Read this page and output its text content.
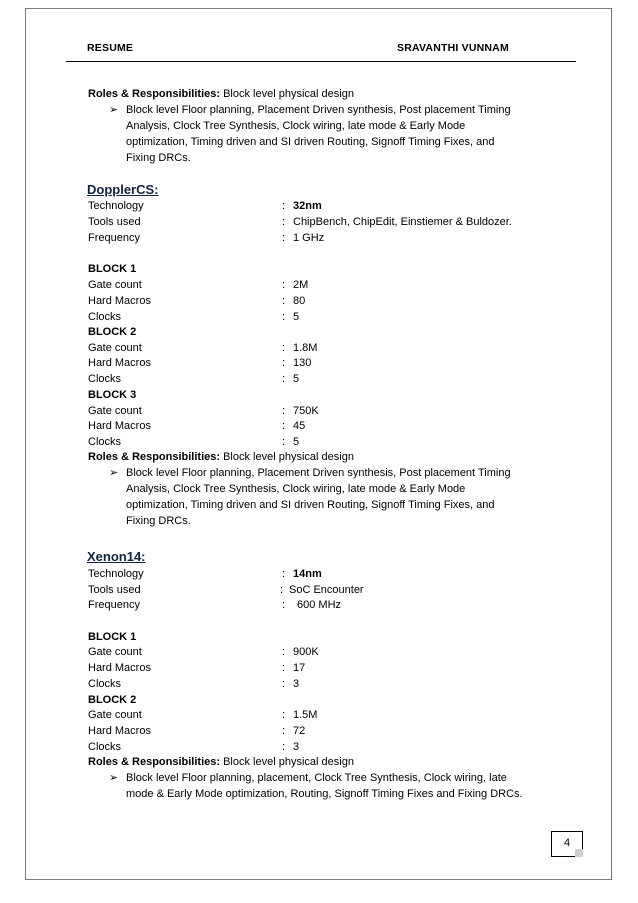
RESUME	SRAVANTHI VUNNAM
Roles & Responsibilities: Block level physical design
➢ Block level Floor planning, Placement Driven synthesis, Post placement Timing
Analysis, Clock Tree Synthesis, Clock wiring, late mode & Early Mode
optimization, Timing driven and SI driven Routing, Signoff Timing Fixes, and
Fixing DRCs.
DopplerCS:
Technology	: 32nm
Tools used	: ChipBench, ChipEdit, Einstiemer & Buldozer.
Frequency	: 1 GHz
BLOCK 1
Gate count	: 2M
Hard Macros	: 80
Clocks	: 5
BLOCK 2
Gate count	: 1.8M
Hard Macros	: 130
Clocks	: 5
BLOCK 3
Gate count	: 750K
Hard Macros	: 45
Clocks	: 5
Roles & Responsibilities: Block level physical design
➢ Block level Floor planning, Placement Driven synthesis, Post placement Timing
Analysis, Clock Tree Synthesis, Clock wiring, late mode & Early Mode
optimization, Timing driven and SI driven Routing, Signoff Timing Fixes, and
Fixing DRCs.
Xenon14:
Technology	: 14nm
Tools used	: SoC Encounter
Frequency	: 600 MHz
BLOCK 1
Gate count	: 900K
Hard Macros	: 17
Clocks	: 3
BLOCK 2
Gate count	: 1.5M
Hard Macros	: 72
Clocks	: 3
Roles & Responsibilities: Block level physical design
➢ Block level Floor planning, placement, Clock Tree Synthesis, Clock wiring, late
mode & Early Mode optimization, Routing, Signoff Timing Fixes and Fixing DRCs.
4
